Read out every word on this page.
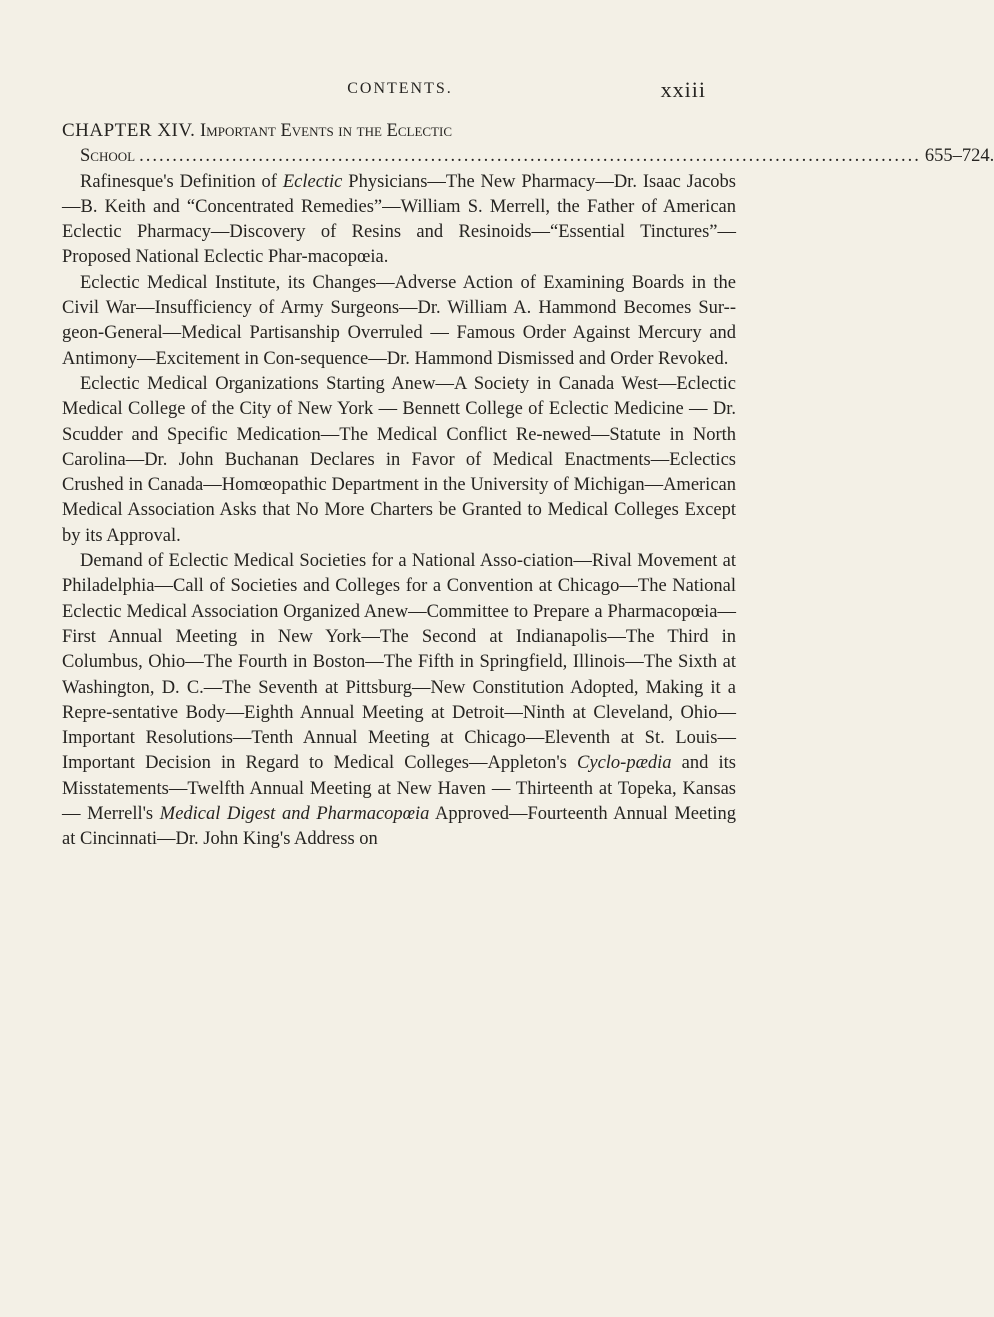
CONTENTS.	xxiii

CHAPTER XIV. Important Events in the Eclectic

School ...................................................................................................................... 655–724.

Rafinesque's Definition of Eclectic Physicians—The New Pharmacy—Dr. Isaac Jacobs—B. Keith and “Concentrated Remedies”—William S. Merrell, the Father of American Eclectic Pharmacy—Discovery of Resins and Resinoids—“Essential Tinctures”—Proposed National Eclectic Phar-macopœia.

Eclectic Medical Institute, its Changes—Adverse Action of Examining Boards in the Civil War—Insufficiency of Army Surgeons—Dr. William A. Hammond Becomes Sur-geon-General—Medical Partisanship Overruled — Famous Order Against Mercury and Antimony—Excitement in Con-sequence—Dr. Hammond Dismissed and Order Revoked.

Eclectic Medical Organizations Starting Anew—A Society in Canada West—Eclectic Medical College of the City of New York — Bennett College of Eclectic Medicine — Dr. Scudder and Specific Medication—The Medical Conflict Re-newed—Statute in North Carolina—Dr. John Buchanan Declares in Favor of Medical Enactments—Eclectics Crushed in Canada—Homœopathic Department in the University of Michigan—American Medical Association Asks that No More Charters be Granted to Medical Colleges Except by its Approval.

Demand of Eclectic Medical Societies for a National Asso-ciation—Rival Movement at Philadelphia—Call of Societies and Colleges for a Convention at Chicago—The National Eclectic Medical Association Organized Anew—Committee to Prepare a Pharmacopœia—First Annual Meeting in New York—The Second at Indianapolis—The Third in Columbus, Ohio—The Fourth in Boston—The Fifth in Springfield, Illinois—The Sixth at Washington, D. C.—The Seventh at Pittsburg—New Constitution Adopted, Making it a Repre-sentative Body—Eighth Annual Meeting at Detroit—Ninth at Cleveland, Ohio—Important Resolutions—Tenth Annual Meeting at Chicago—Eleventh at St. Louis—Important Decision in Regard to Medical Colleges—Appleton's Cyclo-pædia and its Misstatements—Twelfth Annual Meeting at New Haven — Thirteenth at Topeka, Kansas — Merrell's Medical Digest and Pharmacopœia Approved—Fourteenth Annual Meeting at Cincinnati—Dr. John King's Address on
